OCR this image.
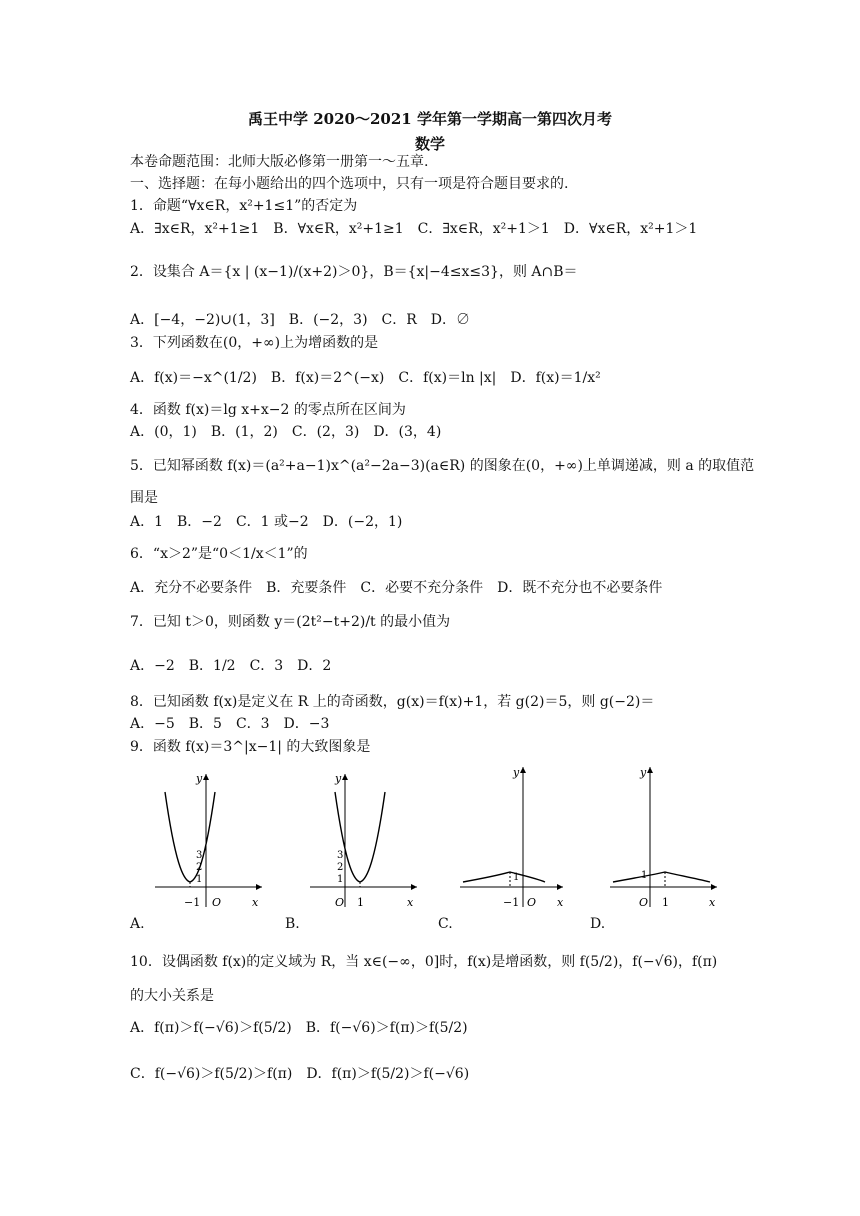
禹王中学 2020～2021 学年第一学期高一第四次月考
数学
本卷命题范围：北师大版必修第一册第一～五章.
一、选择题：在每小题给出的四个选项中，只有一项是符合题目要求的.
1．命题“∀x∈R，x²+1≤1”的否定为
A．∃x∈R，x²+1≥1　B．∀x∈R，x²+1≥1　C．∃x∈R，x²+1＞1　D．∀x∈R，x²+1＞1
2．设集合 A＝{x | (x−1)/(x+2)＞0}，B＝{x|−4≤x≤3}，则 A∩B＝
A．[−4，−2)∪(1，3]　B．(−2，3)　C．R　D．∅
3．下列函数在(0，+∞)上为增函数的是
A．f(x)＝−x^(1/2)　B．f(x)＝2^(−x)　C．f(x)＝ln |x|　D．f(x)＝1/x²
4．函数 f(x)＝lg x+x−2 的零点所在区间为
A．(0，1)　B．(1，2)　C．(2，3)　D．(3，4)
5．已知幂函数 f(x)＝(a²+a−1)x^(a²−2a−3)(a∈R) 的图象在(0，+∞)上单调递减，则 a 的取值范
围是
A．1　B．−2　C．1 或−2　D．(−2，1)
6．“x＞2”是“0＜1/x＜1”的
A．充分不必要条件　B．充要条件　C．必要不充分条件　D．既不充分也不必要条件
7．已知 t＞0，则函数 y＝(2t²−t+2)/t 的最小值为
A．−2　B．1/2　C．3　D．2
8．已知函数 f(x)是定义在 R 上的奇函数，g(x)＝f(x)+1，若 g(2)＝5，则 g(−2)＝
A．−5　B．5　C．3　D．−3
9．函数 f(x)＝3^|x−1| 的大致图象是
−1 O	x
y
3
2
1
O 1	x
y
3
2
1
−1 O x
y
1
O 1	x
y
1
A.	B.	C.	D.
10．设偶函数 f(x)的定义域为 R，当 x∈(−∞，0]时，f(x)是增函数，则 f(5/2)，f(−√6)，f(π)
的大小关系是
A．f(π)＞f(−√6)＞f(5/2)　B．f(−√6)＞f(π)＞f(5/2)
C．f(−√6)＞f(5/2)＞f(π)　D．f(π)＞f(5/2)＞f(−√6)
